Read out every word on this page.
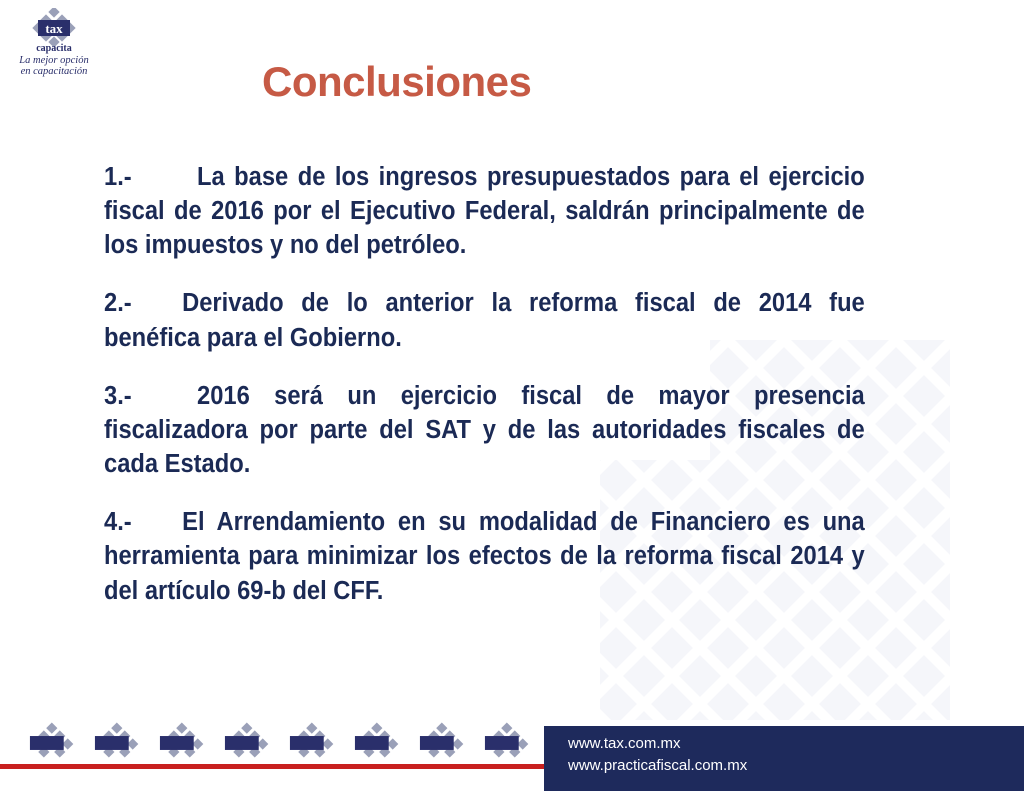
tax
capacita
La mejor opción
en capacitación	Conclusiones

1.-	La base de los ingresos presupuestados para el ejercicio fiscal de 2016 por el Ejecutivo Federal, saldrán principalmente de los impuestos y no del petróleo.

2.- Derivado de lo anterior la reforma fiscal de 2014 fue benéfica para el Gobierno.

3.-	2016 será un ejercicio fiscal de mayor presencia fiscalizadora por parte del SAT y de las autoridades fiscales de cada Estado.

4.- El Arrendamiento en su modalidad de Financiero es una herramienta para minimizar los efectos de la reforma fiscal 2014 y del artículo 69-b del CFF.

www.tax.com.mx
www.practicafiscal.com.mx
